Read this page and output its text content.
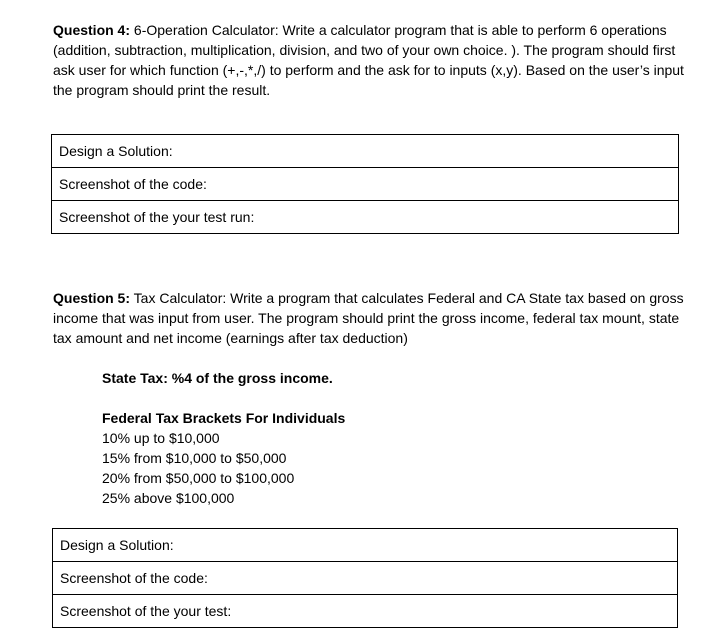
Question 4: 6-Operation Calculator: Write a calculator program that is able to perform 6 operations (addition, subtraction, multiplication, division, and two of your own choice. ). The program should first ask user for which function (+,-,*,/) to perform and the ask for to inputs (x,y). Based on the user’s input the program should print the result.

Design a Solution:
Screenshot of the code:
Screenshot of the your test run:

Question 5: Tax Calculator: Write a program that calculates Federal and CA State tax based on gross income that was input from user. The program should print the gross income, federal tax mount, state tax amount and net income (earnings after tax deduction)

State Tax: %4 of the gross income.

Federal Tax Brackets For Individuals
10% up to $10,000
15% from $10,000 to $50,000
20% from $50,000 to $100,000
25% above $100,000
Design a Solution:
Screenshot of the code:
Screenshot of the your test:
